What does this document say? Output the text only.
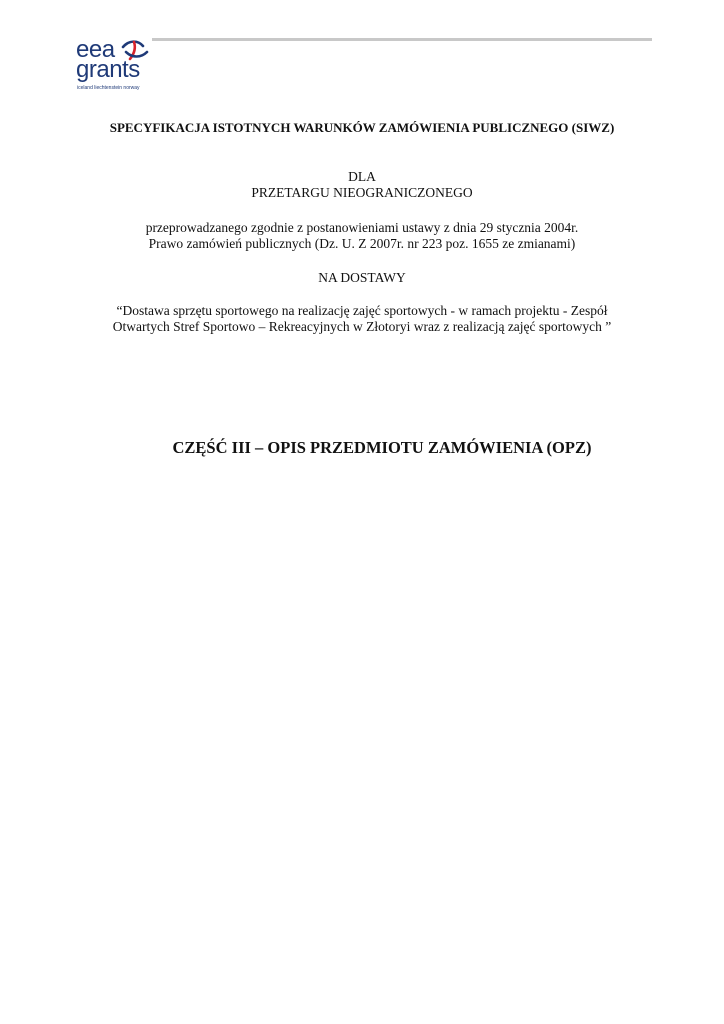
eea
grants
iceland liechtenstein norway
SPECYFIKACJA ISTOTNYCH WARUNKÓW ZAMÓWIENIA PUBLICZNEGO (SIWZ)
DLA
PRZETARGU NIEOGRANICZONEGO
przeprowadzanego zgodnie z postanowieniami ustawy z dnia 29 stycznia 2004r.
Prawo zamówień publicznych (Dz. U. Z 2007r. nr 223 poz. 1655 ze zmianami)
NA DOSTAWY
“Dostawa sprzętu sportowego na realizację zajęć sportowych - w ramach projektu - Zespół
Otwartych Stref Sportowo – Rekreacyjnych w Złotoryi wraz z realizacją zajęć sportowych ”
CZĘŚĆ III – OPIS PRZEDMIOTU ZAMÓWIENIA (OPZ)
